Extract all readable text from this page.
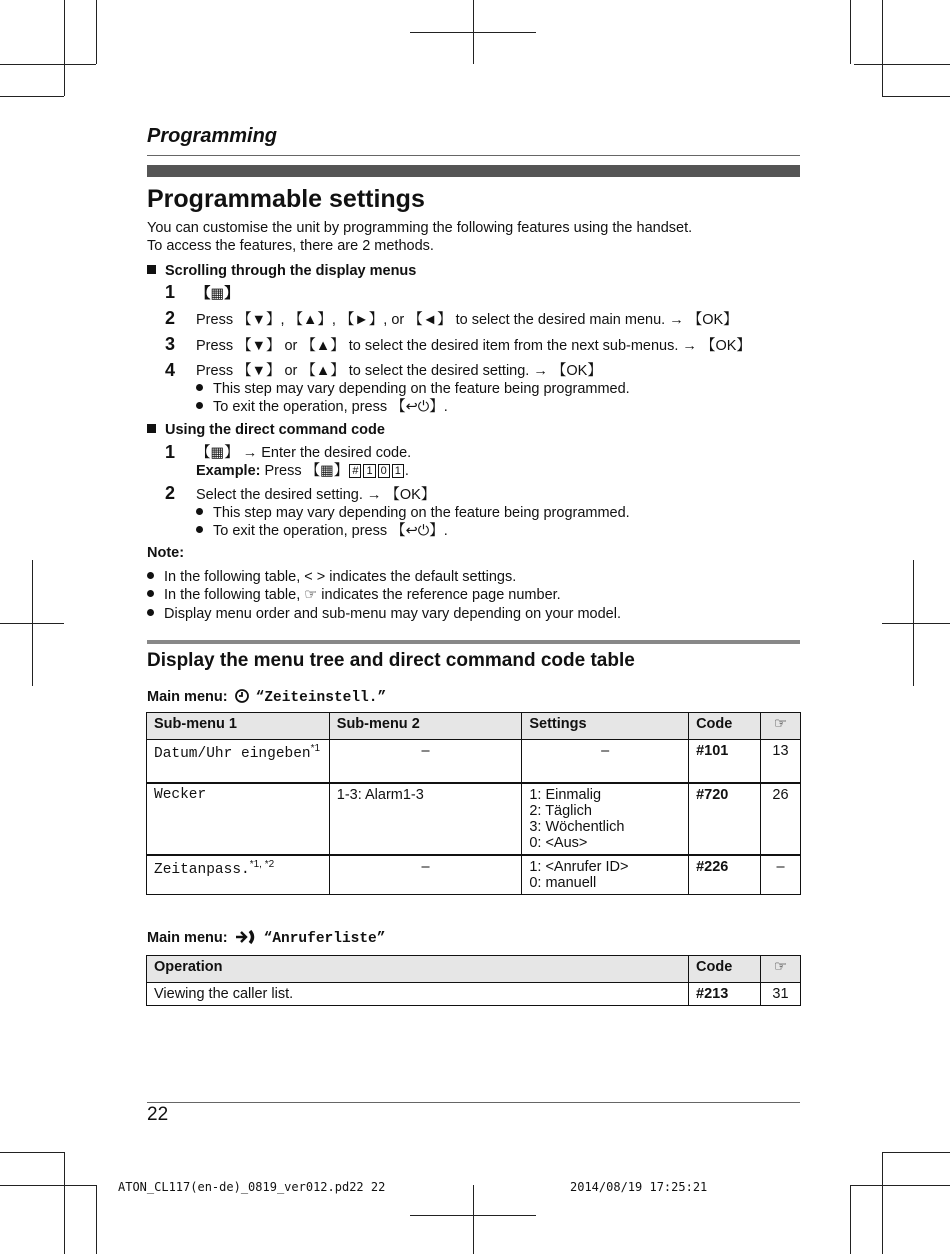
Programming
Programmable settings
You can customise the unit by programming the following features using the handset.
To access the features, there are 2 methods.
Scrolling through the display menus
1 【▦】
2 Press 【▼】, 【▲】, 【►】, or 【◄】 to select the desired main menu. → 【OK】
3 Press 【▼】 or 【▲】 to select the desired item from the next sub-menus. → 【OK】
4 Press 【▼】 or 【▲】 to select the desired setting. → 【OK】
This step may vary depending on the feature being programmed.
To exit the operation, press 【↩⏻】.
Using the direct command code
1 【▦】 → Enter the desired code.
Example: Press 【▦】 # 1 0 1 .
2 Select the desired setting. → 【OK】
This step may vary depending on the feature being programmed.
To exit the operation, press 【↩⏻】.
Note:
In the following table, < > indicates the default settings.
In the following table, ☞ indicates the reference page number.
Display menu order and sub-menu may vary depending on your model.
Display the menu tree and direct command code table
Main menu: “Zeiteinstell.”
Sub-menu 1	Sub-menu 2	Settings	Code	☞
Datum/Uhr eingeben$^{*1}$	–	–	#101	13
Wecker	1-3: Alarm1-3	1: Einmalig
2: Täglich
3: Wöchentlich
0: <Aus>	#720	26
Zeitanpass.$^{*1, *2}$	–	1: <Anrufer ID>
0: manuell	#226	–
Main menu: “Anruferliste”
Operation	Code	☞
Viewing the caller list.	#213	31
22
ATON_CL117(en-de)_0819_ver012.pd22 22	2014/08/19 17:25:21
